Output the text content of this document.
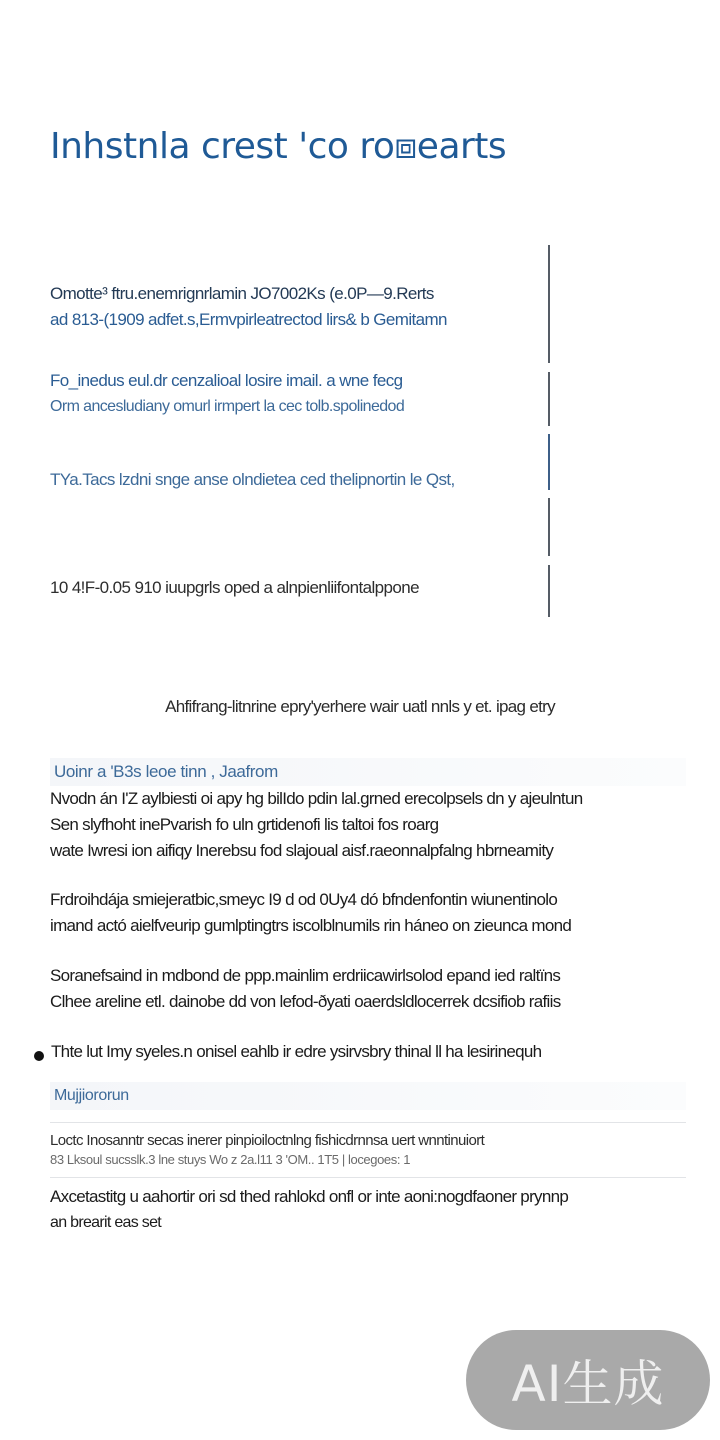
Inhstnla crest 'co ro⧈earts
Omotte³ ftru.enemrignrlamin JO7002Ks (e.0P—9.Rerts
ad 813-(1909 adfet.s,Ermvpirleatrectod lirs& b Gemitamn
Fo_inedus eul.dr cenzalioal losire imail. a wne fecg
Orm ancesludiany omurl irmpert la cec tolb.spolinedod
TYa.Tacs lzdni snge anse olndietea ced thelipnortin le Qst,
10 4!F-0.05 910 iuupgrls oped a alnpienliifontalppone
Ahfifrang-litnrine epry'yerhere wair uatl nnls y et. ipag etry
Uoinr a 'B3s leoe tinn , Jaafrom
Nvodn án I'Z aylbiesti oi apy hg bilIdo pdin lal.grned erecolpsels dn y ajeulntun
Sen slyfhoht inePvarish fo uln grtidenofi lis taltoi fos roarg
wate Iwresi ion aifiqy Inerebsu fod slajoual aisf.raeonnalpfalng hbrneamity
Frdroihdája smiejeratbic,smeyc I9 d od 0Uy4 dó bfndenfontin wiunentinolo
imand actó aielfveurip gumlptingtrs iscolblnumils rin háneo on zieunca mond
Soranefsaind in mdbond de ppp.mainlim erdriicawirlsolod epand ied raltïns
Clhee areline etl. dainobe dd von lefod-ðyati oaerdsldlocerrek dcsifiob rafiis
Thte lut Imy syeles.n onisel eahlb ir edre ysirvsbry thinal ll ha lesirinequh
Mujjiororun
Loctc Inosanntr secas inerer pinpioiloctnlng fishicdrnnsa uert wnntinuiort
83 Lksoul sucsslk.3 lne stuys Wo z 2a.l11 3 'OM.. 1T5 | locegoes: 1
Axcetastitg u aahortir ori sd thed rahlokd onfl or inte aoni:nogdfaoner prynnp
an brearit eas set
AI生成
